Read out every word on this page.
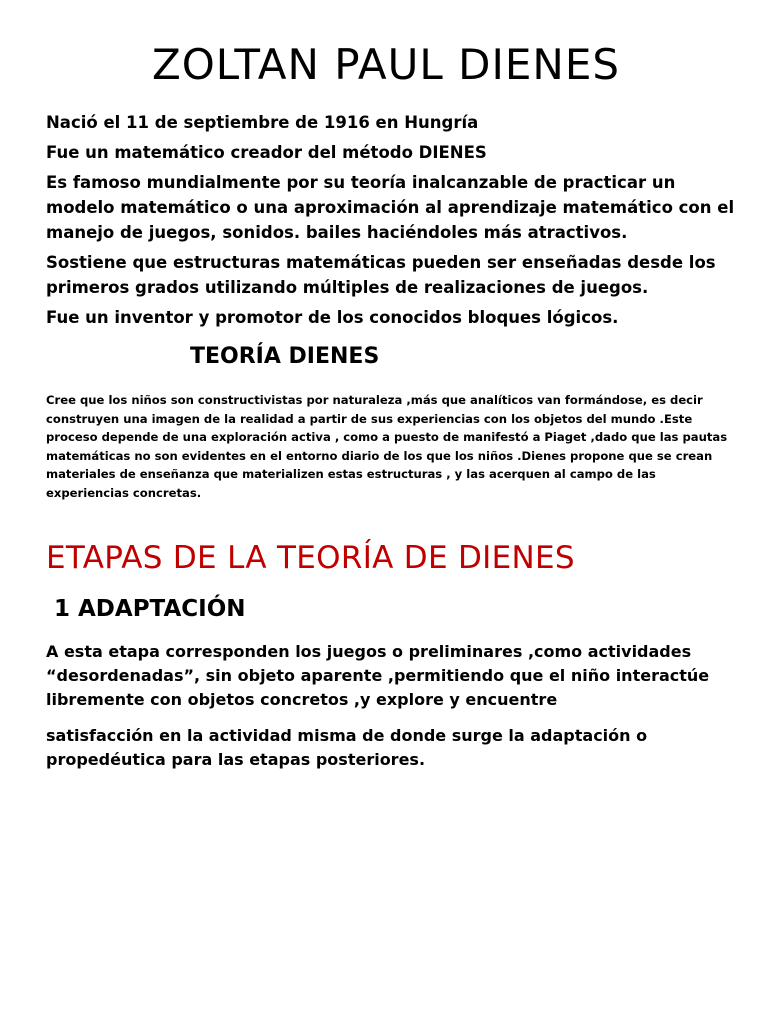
ZOLTAN PAUL DIENES

Nació el 11 de septiembre de 1916 en Hungría

Fue un matemático creador del método DIENES

Es famoso mundialmente por su teoría inalcanzable de practicar un modelo matemático o una aproximación al aprendizaje matemático con el manejo de juegos, sonidos. bailes haciéndoles más atractivos.

Sostiene que estructuras matemáticas pueden ser enseñadas desde los primeros grados utilizando múltiples de realizaciones de juegos.

Fue un inventor y promotor de los conocidos bloques lógicos.

TEORÍA DIENES

Cree que los niños son constructivistas por naturaleza ,más que analíticos van formándose, es decir construyen una imagen de la realidad a partir de sus experiencias con los objetos del mundo .Este proceso depende de una exploración activa , como a puesto de manifestó a Piaget ,dado que las pautas matemáticas no son evidentes en el entorno diario de los que los niños .Dienes propone que se crean materiales de enseñanza que materializen estas estructuras , y las acerquen al campo de las experiencias concretas.

ETAPAS DE LA TEORÍA DE DIENES
1 ADAPTACIÓN

A esta etapa corresponden los juegos o preliminares ,como actividades “desordenadas”, sin objeto aparente ,permitiendo que el niño interactúe libremente con objetos concretos ,y explore y encuentre

satisfacción en la actividad misma de donde surge la adaptación o propedéutica para las etapas posteriores.
